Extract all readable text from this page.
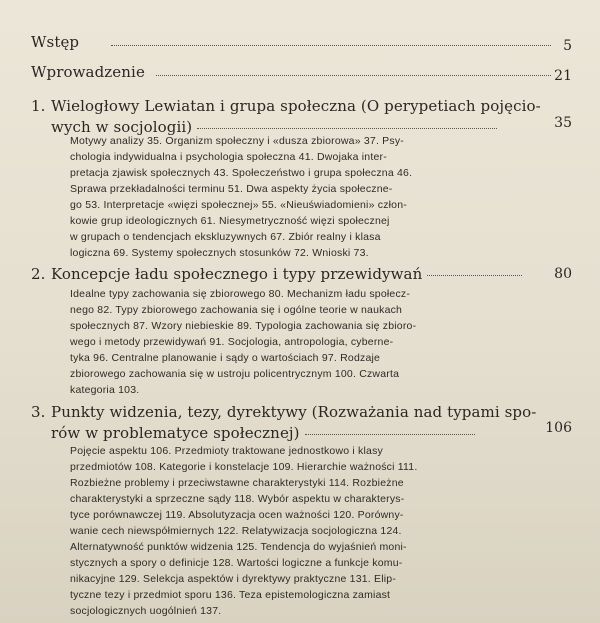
Wstęp	5
Wprowadzenie	21
1. Wielogłowy Lewiatan i grupa społeczna (O perypetiach pojęcio-
wych w socjologii)	35

Motywy analizy 35. Organizm społeczny i «dusza zbiorowa» 37. Psy-

chologia indywidualna i psychologia społeczna 41. Dwojaka inter-

pretacja zjawisk społecznych 43. Społeczeństwo i grupa społeczna 46.

Sprawa przekładalności terminu 51. Dwa aspekty życia społeczne-

go 53. Interpretacje «więzi społecznej» 55. «Nieuświadomieni» człon-

kowie grup ideologicznych 61. Niesymetryczność więzi społecznej

w grupach o tendencjach ekskluzywnych 67. Zbiór realny i klasa

logiczna 69. Systemy społecznych stosunków 72. Wnioski 73.

2. Koncepcje ładu społecznego i typy przewidywań	80

Idealne typy zachowania się zbiorowego 80. Mechanizm ładu społecz-

nego 82. Typy zbiorowego zachowania się i ogólne teorie w naukach

społecznych 87. Wzory niebieskie 89. Typologia zachowania się zbioro-

wego i metody przewidywań 91. Socjologia, antropologia, cyberne-

tyka 96. Centralne planowanie i sądy o wartościach 97. Rodzaje

zbiorowego zachowania się w ustroju policentrycznym 100. Czwarta

kategoria 103.

3. Punkty widzenia, tezy, dyrektywy (Rozważania nad typami spo-
rów w problematyce społecznej)	106

Pojęcie aspektu 106. Przedmioty traktowane jednostkowo i klasy

przedmiotów 108. Kategorie i konstelacje 109. Hierarchie ważności 111.

Rozbieżne problemy i przeciwstawne charakterystyki 114. Rozbieżne

charakterystyki a sprzeczne sądy 118. Wybór aspektu w charakterys-

tyce porównawczej 119. Absolutyzacja ocen ważności 120. Porówny-

wanie cech niewspółmiernych 122. Relatywizacja socjologiczna 124.

Alternatywność punktów widzenia 125. Tendencja do wyjaśnień moni-

stycznych a spory o definicje 128. Wartości logiczne a funkcje komu-

nikacyjne 129. Selekcja aspektów i dyrektywy praktyczne 131. Elip-

tyczne tezy i przedmiot sporu 136. Teza epistemologiczna zamiast

socjologicznych uogólnień 137.
